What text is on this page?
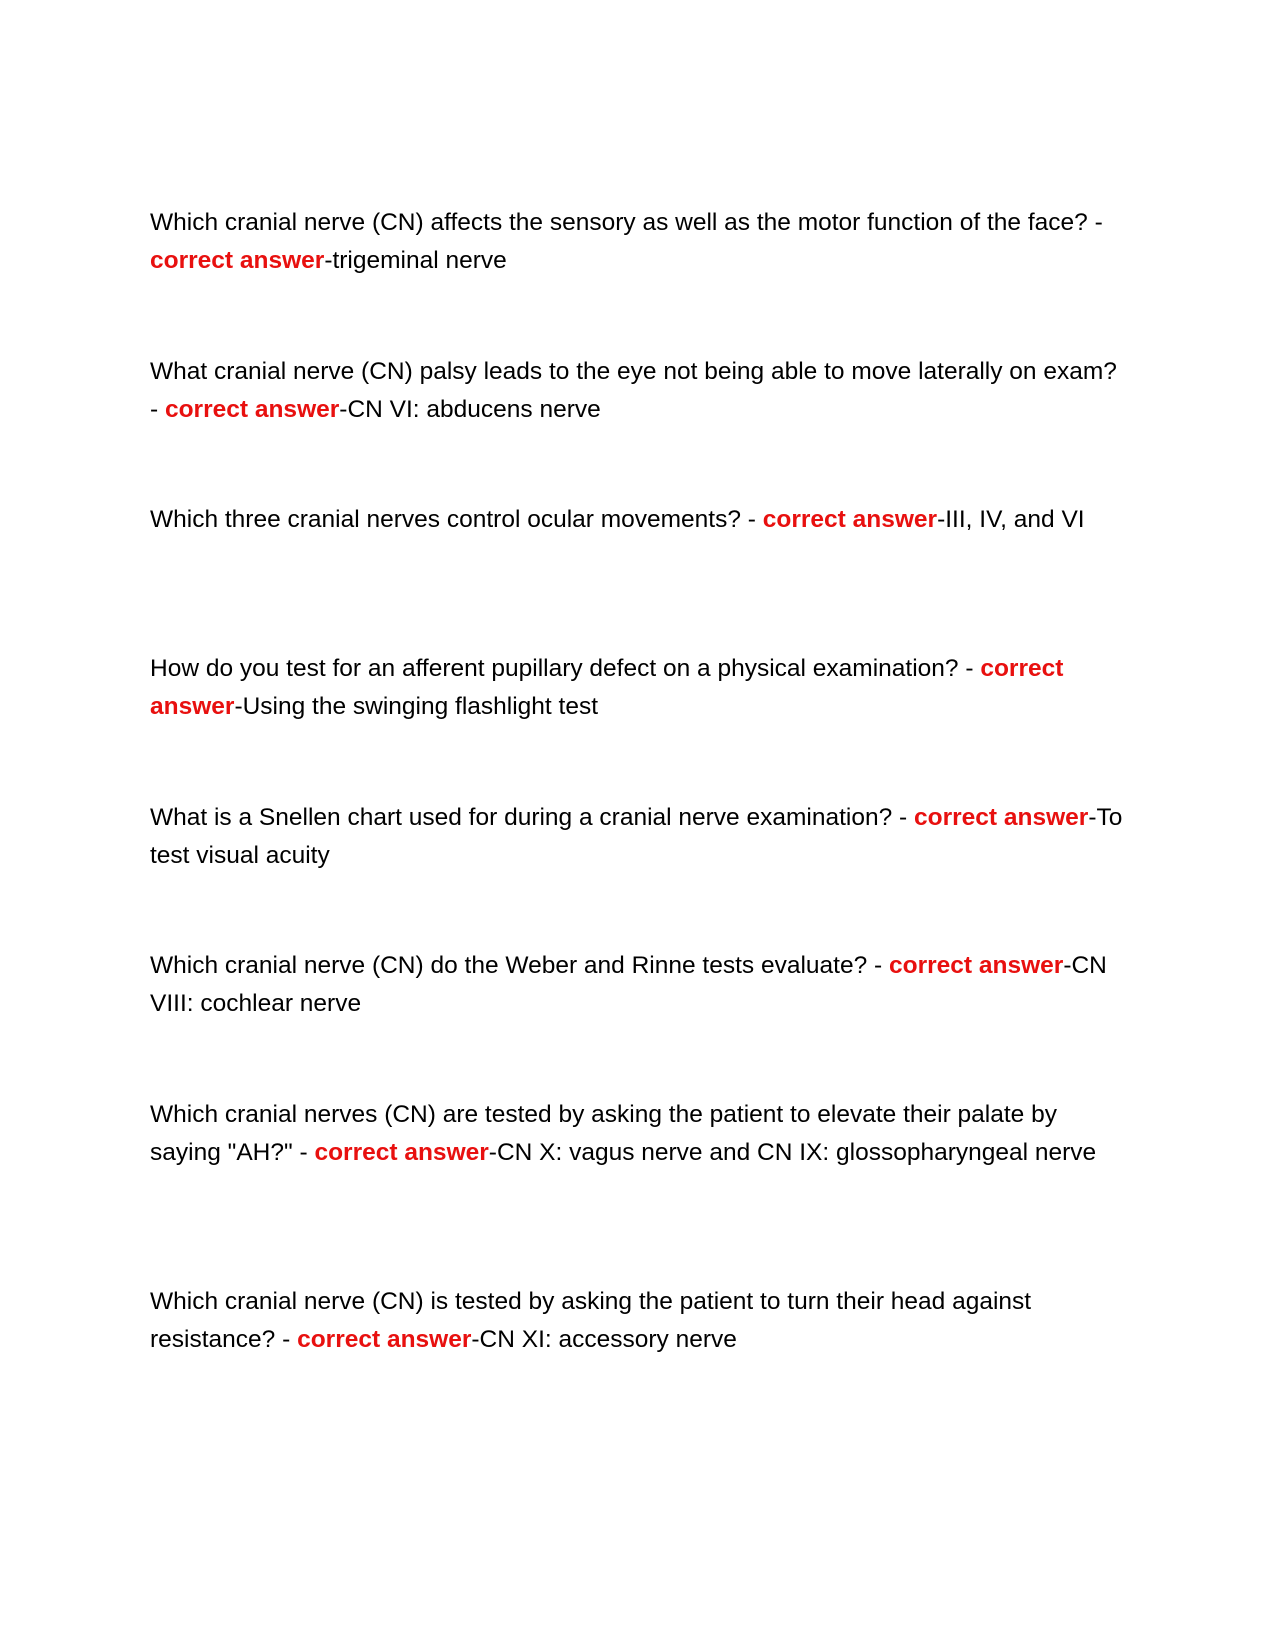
Which cranial nerve (CN) affects the sensory as well as the motor function of the face? - correct answer-trigeminal nerve

What cranial nerve (CN) palsy leads to the eye not being able to move laterally on exam? - correct answer-CN VI: abducens nerve

Which three cranial nerves control ocular movements? - correct answer-III, IV, and VI

How do you test for an afferent pupillary defect on a physical examination? - correct answer-Using the swinging flashlight test

What is a Snellen chart used for during a cranial nerve examination? - correct answer-To test visual acuity

Which cranial nerve (CN) do the Weber and Rinne tests evaluate? - correct answer-CN VIII: cochlear nerve

Which cranial nerves (CN) are tested by asking the patient to elevate their palate by saying "AH?" - correct answer-CN X: vagus nerve and CN IX: glossopharyngeal nerve

Which cranial nerve (CN) is tested by asking the patient to turn their head against resistance? - correct answer-CN XI: accessory nerve
